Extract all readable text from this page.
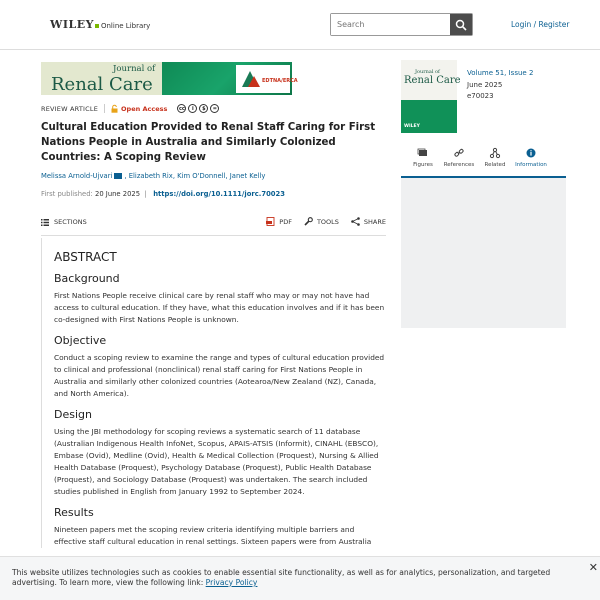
WILEY Online Library
Search	Login / Register
Journal of
Renal Care	EDTNA/ERCA
REVIEW ARTICLE	Open Access	cc	i	$	=
Cultural Education Provided to Renal Staff Caring for First Nations People in Australia and Similarly Colonized Countries: A Scoping Review
Melissa Arnold‐Ujvari , Elizabeth Rix , Kim O'Donnell , Janet Kelly
First published: 20 June 2025  |   https://doi.org/10.1111/jorc.70023
SECTIONS	PDF	TOOLS	SHARE
ABSTRACT
Background

First Nations People receive clinical care by renal staff who may or may not have had access to cultural education. If they have, what this education involves and if it has been co‐designed with First Nations People is unknown.

Objective

Conduct a scoping review to examine the range and types of cultural education provided to clinical and professional (nonclinical) renal staff caring for First Nations People in Australia and similarly other colonized countries (Aotearoa/New Zealand (NZ), Canada, and North America).

Design

Using the JBI methodology for scoping reviews a systematic search of 11 database (Australian Indigenous Health InfoNet, Scopus, APAIS‐ATSIS (Informit), CINAHL (EBSCO), Embase (Ovid), Medline (Ovid), Health & Medical Collection (Proquest), Nursing & Allied Health Database (Proquest), Psychology Database (Proquest), Public Health Database (Proquest), and Sociology Database (Proquest) was undertaken. The search included studies published in English from January 1992 to September 2024.

Results

Nineteen papers met the scoping review criteria identifying multiple barriers and effective staff cultural education in renal settings. Sixteen papers were from Australia

Journal of
Renal Care
WILEY
Volume 51, Issue 2
June 2025
e70023
Figures References Related Information

This website utilizes technologies such as cookies to enable essential site functionality, as well as for analytics, personalization, and targeted advertising. To learn more, view the following link: Privacy Policy

✕
